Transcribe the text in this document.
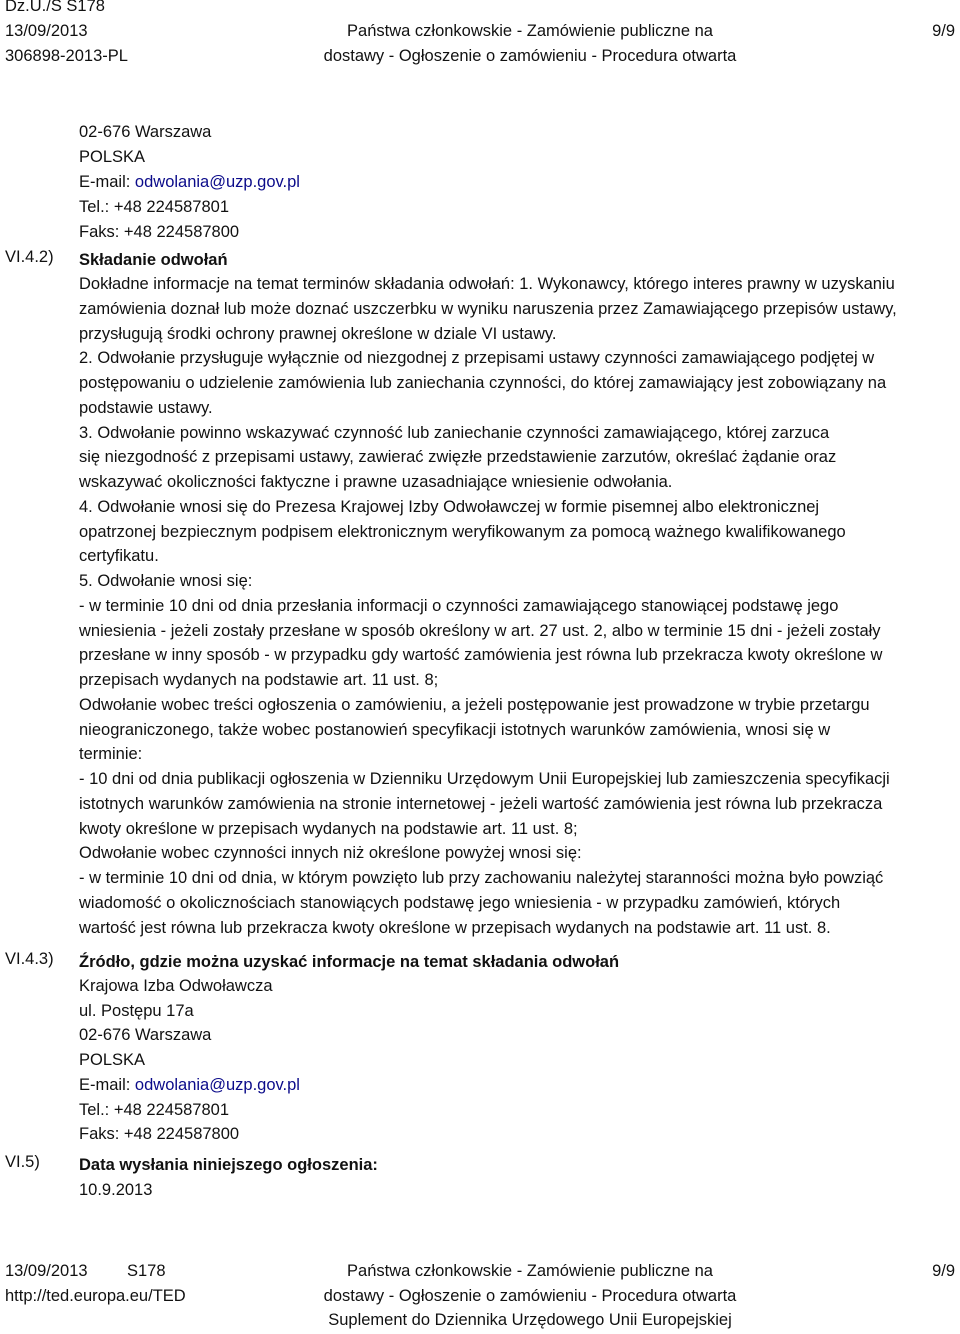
Dz.U./S S178
13/09/2013
306898-2013-PL
Państwa członkowskie - Zamówienie publiczne na
dostawy - Ogłoszenie o zamówieniu - Procedura otwarta
9/9
02-676 Warszawa
POLSKA
E-mail: odwolania@uzp.gov.pl
Tel.: +48 224587801
Faks: +48 224587800
VI.4.2) Składanie odwołań
Dokładne informacje na temat terminów składania odwołań: 1. Wykonawcy, którego interes prawny w uzyskaniu
zamówienia doznał lub może doznać uszczerbku w wyniku naruszenia przez Zamawiającego przepisów ustawy,
przysługują środki ochrony prawnej określone w dziale VI ustawy.
2. Odwołanie przysługuje wyłącznie od niezgodnej z przepisami ustawy czynności zamawiającego podjętej w
postępowaniu o udzielenie zamówienia lub zaniechania czynności, do której zamawiający jest zobowiązany na
podstawie ustawy.
3. Odwołanie powinno wskazywać czynność lub zaniechanie czynności zamawiającego, której zarzuca
się niezgodność z przepisami ustawy, zawierać zwięzłe przedstawienie zarzutów, określać żądanie oraz
wskazywać okoliczności faktyczne i prawne uzasadniające wniesienie odwołania.
4. Odwołanie wnosi się do Prezesa Krajowej Izby Odwoławczej w formie pisemnej albo elektronicznej
opatrzonej bezpiecznym podpisem elektronicznym weryfikowanym za pomocą ważnego kwalifikowanego
certyfikatu.
5. Odwołanie wnosi się:
- w terminie 10 dni od dnia przesłania informacji o czynności zamawiającego stanowiącej podstawę jego
wniesienia - jeżeli zostały przesłane w sposób określony w art. 27 ust. 2, albo w terminie 15 dni - jeżeli zostały
przesłane w inny sposób - w przypadku gdy wartość zamówienia jest równa lub przekracza kwoty określone w
przepisach wydanych na podstawie art. 11 ust. 8;
Odwołanie wobec treści ogłoszenia o zamówieniu, a jeżeli postępowanie jest prowadzone w trybie przetargu
nieograniczonego, także wobec postanowień specyfikacji istotnych warunków zamówienia, wnosi się w
terminie:
- 10 dni od dnia publikacji ogłoszenia w Dzienniku Urzędowym Unii Europejskiej lub zamieszczenia specyfikacji
istotnych warunków zamówienia na stronie internetowej - jeżeli wartość zamówienia jest równa lub przekracza
kwoty określone w przepisach wydanych na podstawie art. 11 ust. 8;
Odwołanie wobec czynności innych niż określone powyżej wnosi się:
- w terminie 10 dni od dnia, w którym powzięto lub przy zachowaniu należytej staranności można było powziąć
wiadomość o okolicznościach stanowiących podstawę jego wniesienia - w przypadku zamówień, których
wartość jest równa lub przekracza kwoty określone w przepisach wydanych na podstawie art. 11 ust. 8.
VI.4.3) Źródło, gdzie można uzyskać informacje na temat składania odwołań
Krajowa Izba Odwoławcza
ul. Postępu 17a
02-676 Warszawa
POLSKA
E-mail: odwolania@uzp.gov.pl
Tel.: +48 224587801
Faks: +48 224587800
VI.5) Data wysłania niniejszego ogłoszenia:
10.9.2013
13/09/2013 S178
http://ted.europa.eu/TED
Państwa członkowskie - Zamówienie publiczne na
dostawy - Ogłoszenie o zamówieniu - Procedura otwarta
Suplement do Dziennika Urzędowego Unii Europejskiej
9/9
